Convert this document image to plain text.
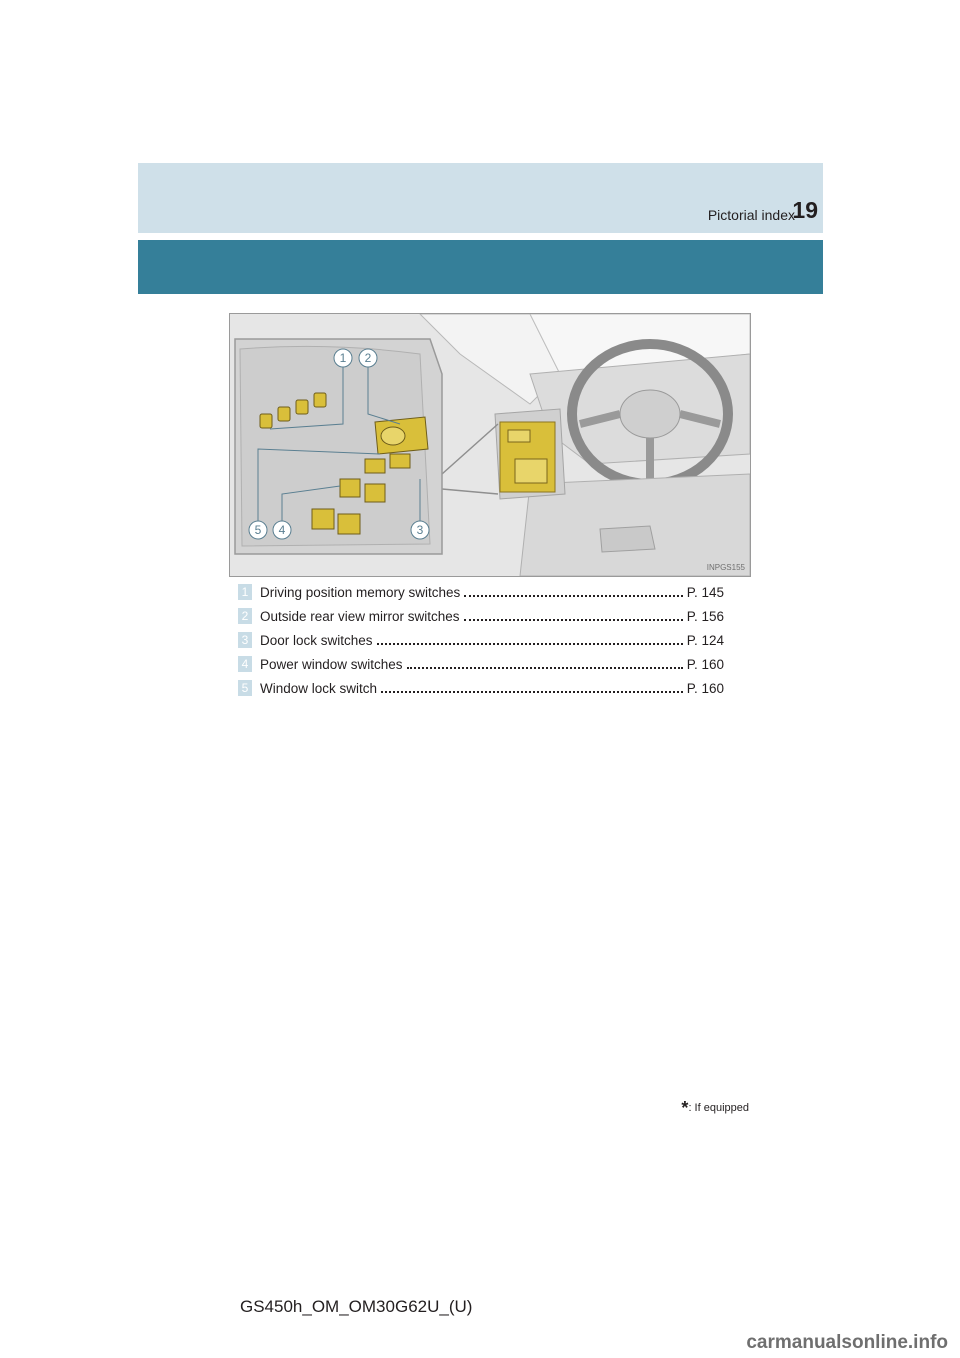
Pictorial index
19
1 2
3
4
5
INPGS155
1 Driving position memory switches	P. 145
2 Outside rear view mirror switches	P. 156
3 Door lock switches	P. 124
4 Power window switches	P. 160
5 Window lock switch	P. 160
*: If equipped
GS450h_OM_OM30G62U_(U)
carmanualsonline.info
